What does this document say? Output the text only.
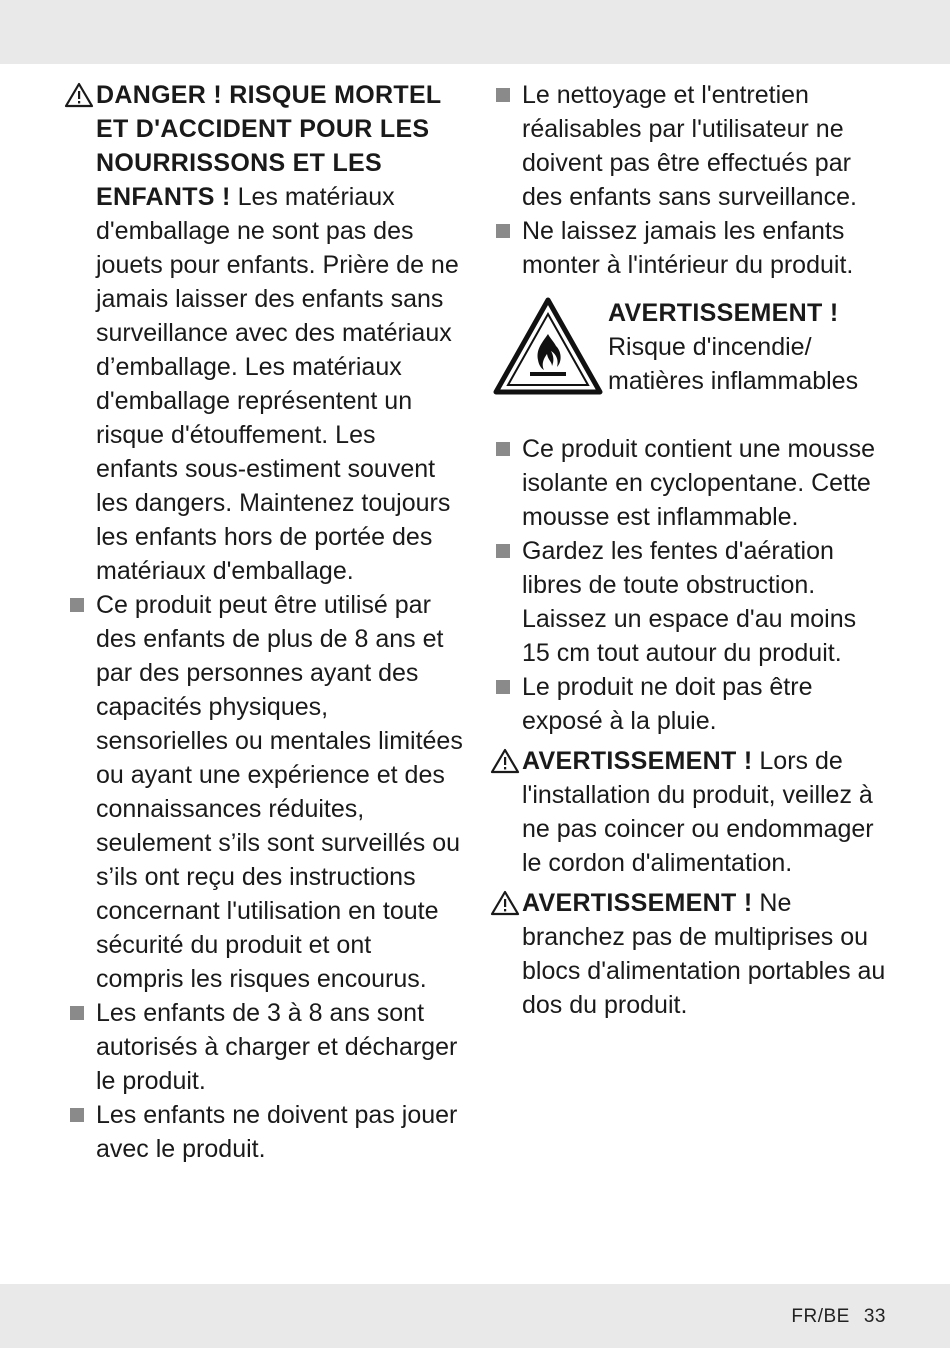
DANGER ! RISQUE MORTEL ET D'ACCIDENT POUR LES NOURRISSONS ET LES ENFANTS ! Les matériaux d'emballage ne sont pas des jouets pour enfants. Prière de ne jamais laisser des enfants sans surveillance avec des matériaux d’emballage. Les matériaux d'emballage représentent un risque d'étouffement. Les enfants sous-estiment souvent les dangers. Maintenez toujours les enfants hors de portée des matériaux d'emballage.
Ce produit peut être utilisé par des enfants de plus de 8 ans et par des personnes ayant des capacités physiques, sensorielles ou mentales limitées ou ayant une expérience et des connaissances réduites, seulement s’ils sont surveillés ou s’ils ont reçu des instructions concernant l'utilisation en toute sécurité du produit et ont compris les risques encourus.
Les enfants de 3 à 8 ans sont autorisés à charger et décharger le produit.
Les enfants ne doivent pas jouer avec le produit.
Le nettoyage et l'entretien réalisables par l'utilisateur ne doivent pas être effectués par des enfants sans surveillance.
Ne laissez jamais les enfants monter à l'intérieur du produit.
AVERTISSEMENT !
Risque d'incendie/ matières inflammables
Ce produit contient une mousse isolante en cyclopentane. Cette mousse est inflammable.
Gardez les fentes d'aération libres de toute obstruction. Laissez un espace d'au moins 15 cm tout autour du produit.
Le produit ne doit pas être exposé à la pluie.
AVERTISSEMENT ! Lors de l'installation du produit, veillez à ne pas coincer ou endommager le cordon d'alimentation.
AVERTISSEMENT ! Ne branchez pas de multiprises ou blocs d'alimentation portables au dos du produit.
FR/BE 33
